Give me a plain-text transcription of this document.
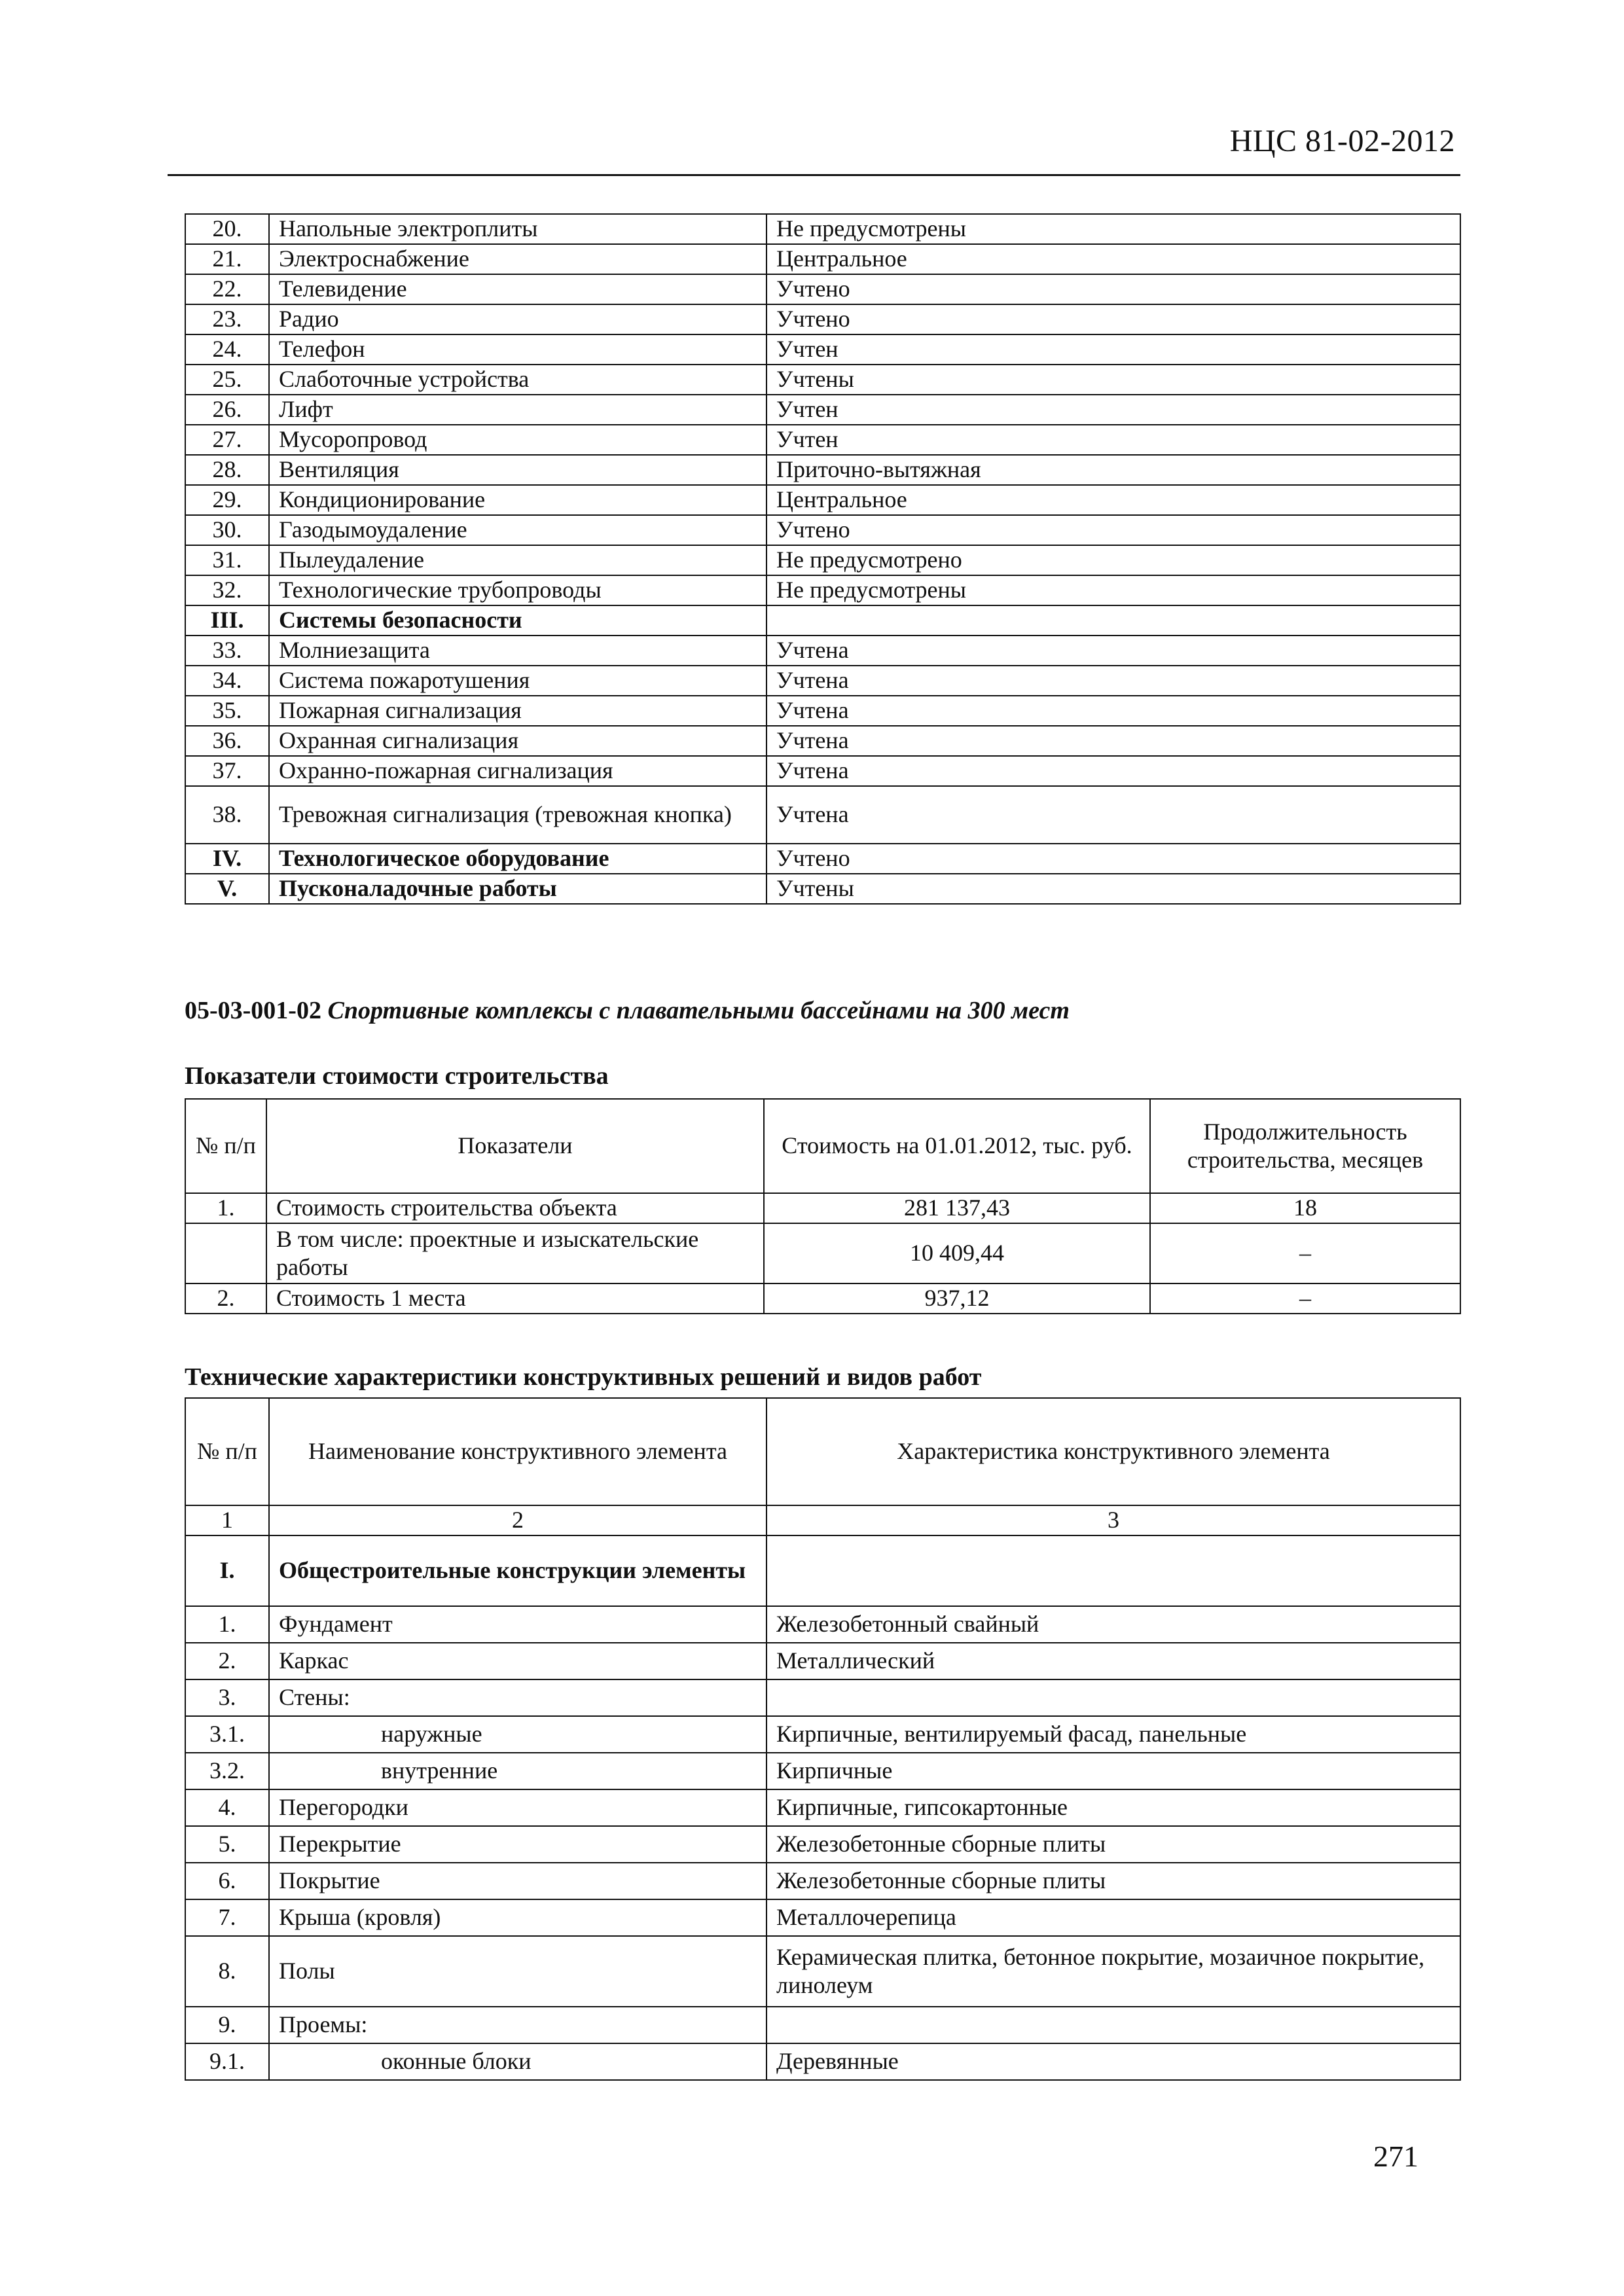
НЦС 81-02-2012
20.	Напольные электроплиты	Не предусмотрены
21.	Электроснабжение	Центральное
22.	Телевидение	Учтено
23.	Радио	Учтено
24.	Телефон	Учтен
25.	Слаботочные устройства	Учтены
26.	Лифт	Учтен
27.	Мусоропровод	Учтен
28.	Вентиляция	Приточно-вытяжная
29.	Кондиционирование	Центральное
30.	Газодымоудаление	Учтено
31.	Пылеудаление	Не предусмотрено
32.	Технологические трубопроводы	Не предусмотрены
III.	Системы безопасности	
33.	Молниезащита	Учтена
34.	Система пожаротушения	Учтена
35.	Пожарная сигнализация	Учтена
36.	Охранная сигнализация	Учтена
37.	Охранно-пожарная сигнализация	Учтена
38.	Тревожная сигнализация (тревожная кнопка)	Учтена
IV.	Технологическое оборудование	Учтено
V.	Пусконаладочные работы	Учтены
05-03-001-02 Спортивные комплексы с плавательными бассейнами на 300 мест
Показатели стоимости строительства
№ п/п	Показатели	Стоимость на 01.01.2012, тыс. руб.	Продолжительность строительства, месяцев
1.	Стоимость строительства объекта	281 137,43	18
	В том числе: проектные и изыскательские работы	10 409,44	–
2.	Стоимость 1 места	937,12	–
Технические характеристики конструктивных решений и видов работ
№ п/п	Наименование конструктивного элемента	Характеристика конструктивного элемента
1	2	3
I.	Общестроительные конструкции элементы	
1.	Фундамент	Железобетонный свайный
2.	Каркас	Металлический
3.	Стены:	
3.1.	наружные	Кирпичные, вентилируемый фасад, панельные
3.2.	внутренние	Кирпичные
4.	Перегородки	Кирпичные, гипсокартонные
5.	Перекрытие	Железобетонные сборные плиты
6.	Покрытие	Железобетонные сборные плиты
7.	Крыша (кровля)	Металлочерепица
8.	Полы	Керамическая плитка, бетонное покрытие, мозаичное покрытие, линолеум
9.	Проемы:	
9.1.	оконные блоки	Деревянные
271
